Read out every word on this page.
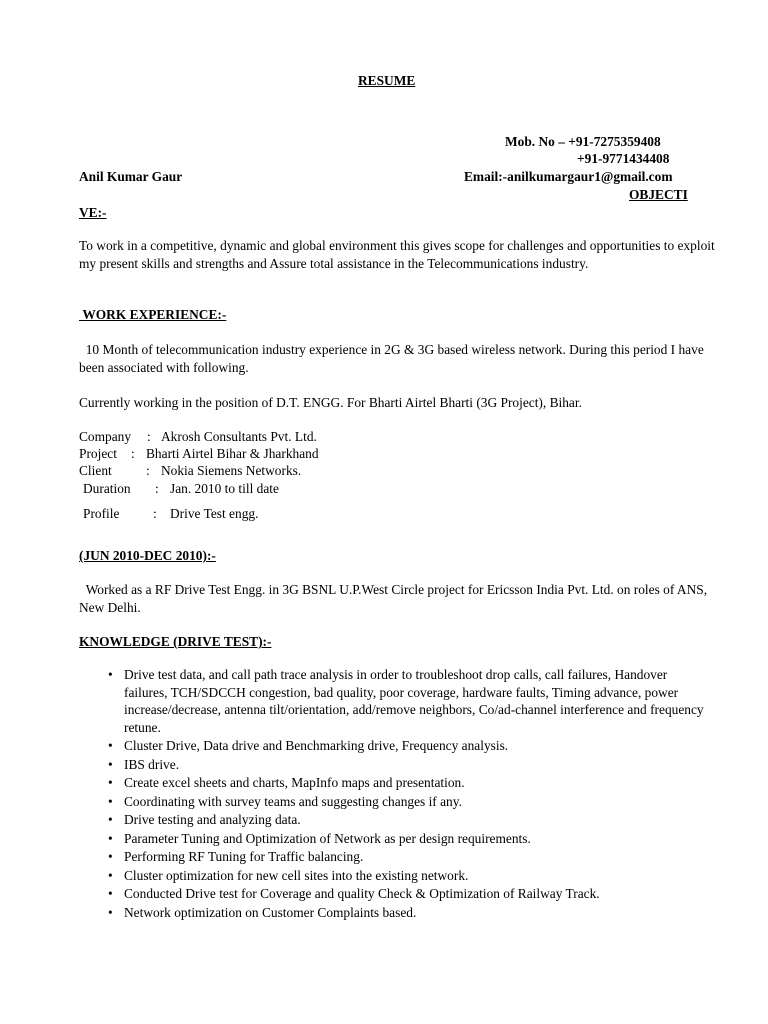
RESUME
Mob. No – +91-7275359408
+91-9771434408
Anil Kumar Gaur	Email:-anilkumargaur1@gmail.com
OBJECTI
VE:-
To work in a competitive, dynamic and global environment this gives scope for challenges and opportunities to exploit my present skills and strengths and Assure total assistance in the Telecommunications industry.
WORK EXPERIENCE:-
10 Month of telecommunication industry experience in 2G & 3G based wireless network. During this period I have been associated with following.
Currently working in the position of D.T. ENGG. For Bharti Airtel Bharti (3G Project), Bihar.
Company : Akrosh Consultants Pvt. Ltd.
Project : Bharti Airtel Bihar & Jharkhand
Client	: Nokia Siemens Networks.
Duration : Jan. 2010 to till date
Profile	: Drive Test engg.
(JUN 2010-DEC 2010):-
Worked as a RF Drive Test Engg. in 3G BSNL U.P.West Circle project for Ericsson India Pvt. Ltd. on roles of ANS, New Delhi.
KNOWLEDGE (DRIVE TEST):-
• Drive test data, and call path trace analysis in order to troubleshoot drop calls, call failures, Handover failures, TCH/SDCCH congestion, bad quality, poor coverage, hardware faults, Timing advance, power increase/decrease, antenna tilt/orientation, add/remove neighbors, Co/ad-channel interference and frequency retune.
• Cluster Drive, Data drive and Benchmarking drive, Frequency analysis.
• IBS drive.
• Create excel sheets and charts, MapInfo maps and presentation.
• Coordinating with survey teams and suggesting changes if any.
• Drive testing and analyzing data.
• Parameter Tuning and Optimization of Network as per design requirements.
• Performing RF Tuning for Traffic balancing.
• Cluster optimization for new cell sites into the existing network.
• Conducted Drive test for Coverage and quality Check & Optimization of Railway Track.
• Network optimization on Customer Complaints based.
